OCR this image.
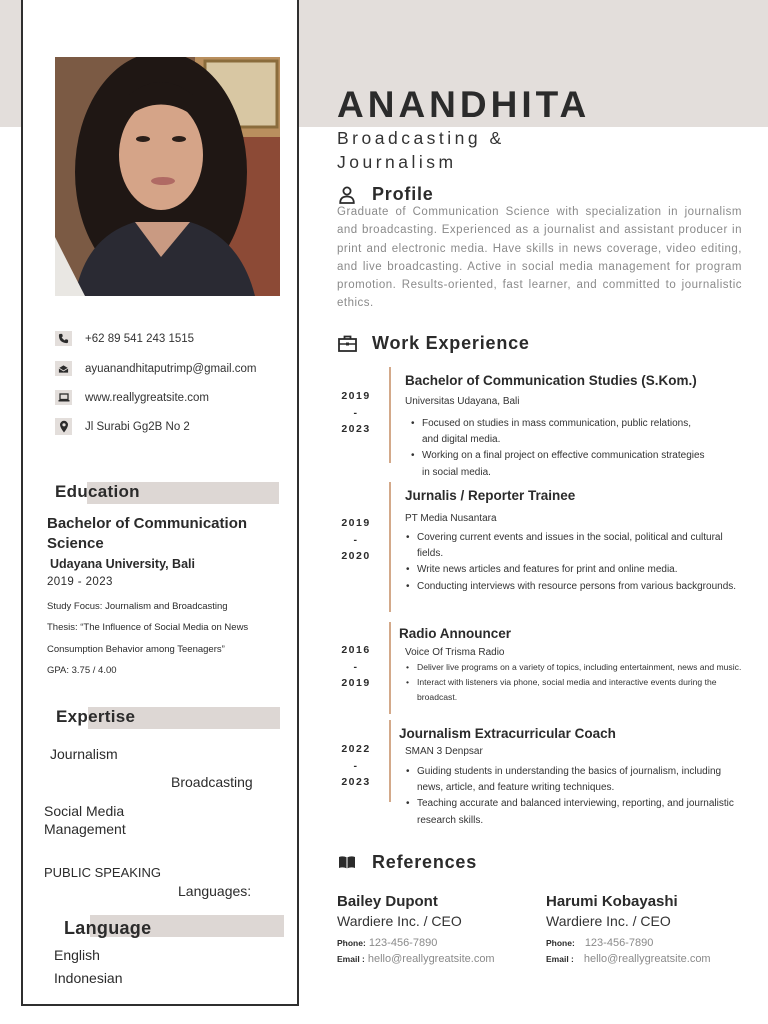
+62 89 541 243 1515
ayuanandhitaputrimp@gmail.com
www.reallygreatsite.com
Jl Surabi Gg2B No 2
Education
Bachelor of Communication
Science
Udayana University, Bali
2019 - 2023
Study Focus: Journalism and Broadcasting
Thesis: “The Influence of Social Media on News
Consumption Behavior among Teenagers”
GPA: 3.75 / 4.00
Expertise
Journalism
Broadcasting
Social Media
Management
PUBLIC SPEAKING
Languages:
Language
English
Indonesian
ANANDHITA
Broadcasting &
Journalism
Profile
Graduate of Communication Science with specialization in journalism and broadcasting. Experienced as a journalist and assistant producer in print and electronic media. Have skills in news coverage, video editing, and live broadcasting. Active in social media management for program promotion. Results-oriented, fast learner, and committed to journalistic ethics.
Work Experience
2019
-
2023
Bachelor of Communication Studies (S.Kom.)
Universitas Udayana, Bali
• Focused on studies in mass communication, public relations, and digital media.
• Working on a final project on effective communication strategies in social media.
2019
-
2020
Jurnalis / Reporter Trainee
PT Media Nusantara
• Covering current events and issues in the social, political and cultural fields.
• Write news articles and features for print and online media.
• Conducting interviews with resource persons from various backgrounds.
2016
-
2019
Radio Announcer
Voice Of Trisma Radio
• Deliver live programs on a variety of topics, including entertainment, news and music.
• Interact with listeners via phone, social media and interactive events during the broadcast.
2022
-
2023
Journalism Extracurricular Coach
SMAN 3 Denpsar
• Guiding students in understanding the basics of journalism, including news, article, and feature writing techniques.
• Teaching accurate and balanced interviewing, reporting, and journalistic research skills.
References
Bailey Dupont
Wardiere Inc. / CEO
Phone: 123-456-7890
Email : hello@reallygreatsite.com
Harumi Kobayashi
Wardiere Inc. / CEO
Phone: 123-456-7890
Email : hello@reallygreatsite.com
